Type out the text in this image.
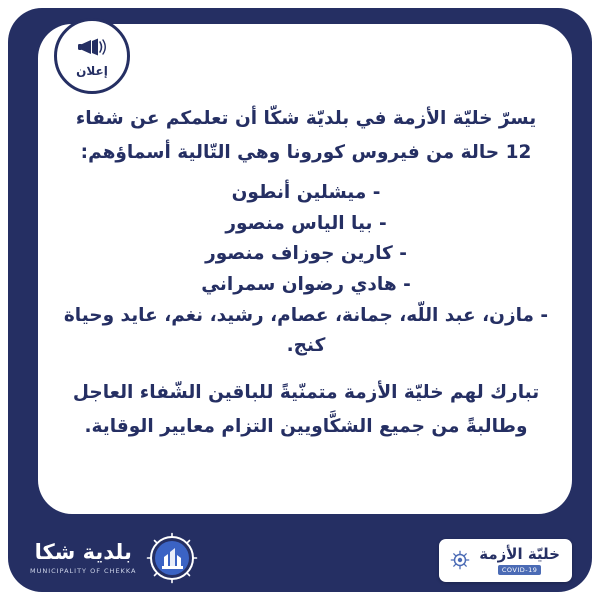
إعلان

يسرّ خليّة الأزمة في بلديّة شكّا أن تعلمكم عن شفاء

12 حالة من فيروس كورونا وهي التّالية أسماؤهم:

- ميشلين أنطون

- بيا الياس منصور

- كارين جوزاف منصور

- هادي رضوان سمراني

- مازن، عبد اللّه، جمانة، عصام، رشيد، نغم، عايد وحياة

كنج.

تبارك لهم خليّة الأزمة متمنّيةً للباقين الشّفاء العاجل

وطالبةً من جميع الشكَّاويين التزام معايير الوقاية.

خليّة الأزمة
COVID-19
بلدية شكا
MUNICIPALITY OF CHEKKA
